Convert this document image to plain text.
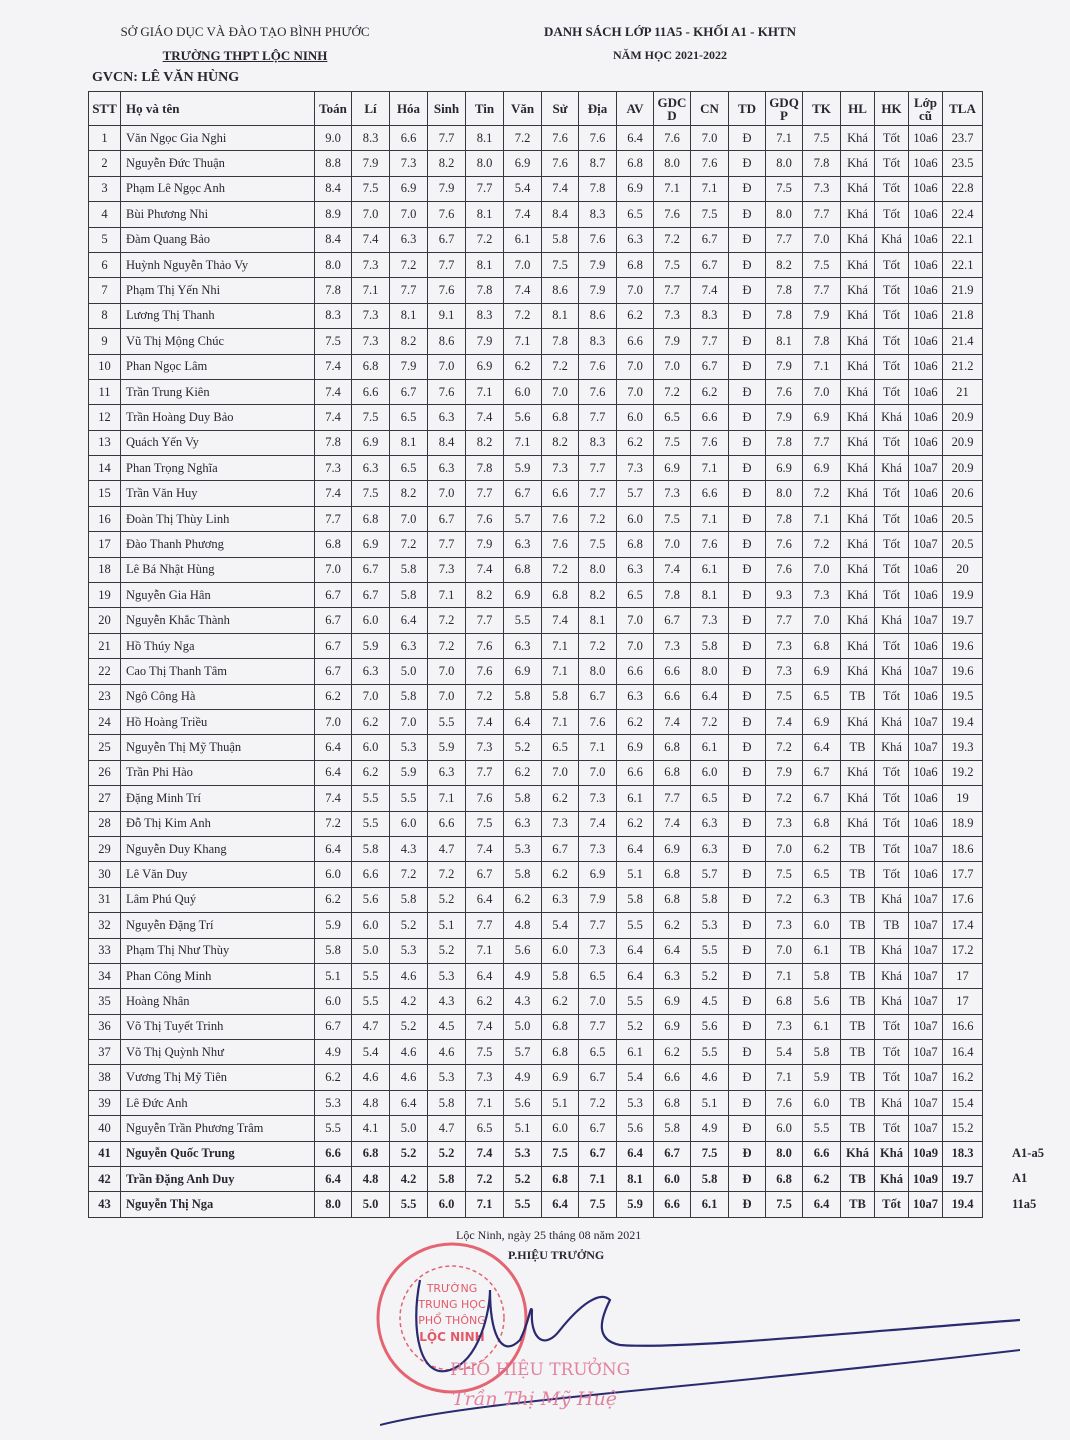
SỞ GIÁO DỤC VÀ ĐÀO TẠO BÌNH PHƯỚC
TRƯỜNG THPT LỘC NINH
DANH SÁCH LỚP 11A5 - KHỐI A1 - KHTN
NĂM HỌC 2021-2022
GVCN: LÊ VĂN HÙNG
STT	Họ và tên	Toán	Lí	Hóa	Sinh	Tin	Văn	Sử	Địa	AV	GDC D	CN	TD	GDQ P	TK	HL	HK	Lớp cũ	TLA
1	Văn Ngọc Gia Nghi	9.0	8.3	6.6	7.7	8.1	7.2	7.6	7.6	6.4	7.6	7.0	Đ	7.1	7.5	Khá	Tốt	10a6	23.7
2	Nguyễn Đức Thuận	8.8	7.9	7.3	8.2	8.0	6.9	7.6	8.7	6.8	8.0	7.6	Đ	8.0	7.8	Khá	Tốt	10a6	23.5
3	Phạm Lê Ngọc Anh	8.4	7.5	6.9	7.9	7.7	5.4	7.4	7.8	6.9	7.1	7.1	Đ	7.5	7.3	Khá	Tốt	10a6	22.8
4	Bùi Phương Nhi	8.9	7.0	7.0	7.6	8.1	7.4	8.4	8.3	6.5	7.6	7.5	Đ	8.0	7.7	Khá	Tốt	10a6	22.4
5	Đàm Quang Bảo	8.4	7.4	6.3	6.7	7.2	6.1	5.8	7.6	6.3	7.2	6.7	Đ	7.7	7.0	Khá	Khá	10a6	22.1
6	Huỳnh Nguyễn Thảo Vy	8.0	7.3	7.2	7.7	8.1	7.0	7.5	7.9	6.8	7.5	6.7	Đ	8.2	7.5	Khá	Tốt	10a6	22.1
7	Phạm Thị Yến Nhi	7.8	7.1	7.7	7.6	7.8	7.4	8.6	7.9	7.0	7.7	7.4	Đ	7.8	7.7	Khá	Tốt	10a6	21.9
8	Lương Thị Thanh	8.3	7.3	8.1	9.1	8.3	7.2	8.1	8.6	6.2	7.3	8.3	Đ	7.8	7.9	Khá	Tốt	10a6	21.8
9	Vũ Thị Mộng Chúc	7.5	7.3	8.2	8.6	7.9	7.1	7.8	8.3	6.6	7.9	7.7	Đ	8.1	7.8	Khá	Tốt	10a6	21.4
10	Phan Ngọc Lâm	7.4	6.8	7.9	7.0	6.9	6.2	7.2	7.6	7.0	7.0	6.7	Đ	7.9	7.1	Khá	Tốt	10a6	21.2
11	Trần Trung Kiên	7.4	6.6	6.7	7.6	7.1	6.0	7.0	7.6	7.0	7.2	6.2	Đ	7.6	7.0	Khá	Tốt	10a6	21
12	Trần Hoàng Duy Bảo	7.4	7.5	6.5	6.3	7.4	5.6	6.8	7.7	6.0	6.5	6.6	Đ	7.9	6.9	Khá	Khá	10a6	20.9
13	Quách Yến Vy	7.8	6.9	8.1	8.4	8.2	7.1	8.2	8.3	6.2	7.5	7.6	Đ	7.8	7.7	Khá	Tốt	10a6	20.9
14	Phan Trọng Nghĩa	7.3	6.3	6.5	6.3	7.8	5.9	7.3	7.7	7.3	6.9	7.1	Đ	6.9	6.9	Khá	Khá	10a7	20.9
15	Trần Văn Huy	7.4	7.5	8.2	7.0	7.7	6.7	6.6	7.7	5.7	7.3	6.6	Đ	8.0	7.2	Khá	Tốt	10a6	20.6
16	Đoàn Thị Thùy Linh	7.7	6.8	7.0	6.7	7.6	5.7	7.6	7.2	6.0	7.5	7.1	Đ	7.8	7.1	Khá	Tốt	10a6	20.5
17	Đào Thanh Phương	6.8	6.9	7.2	7.7	7.9	6.3	7.6	7.5	6.8	7.0	7.6	Đ	7.6	7.2	Khá	Tốt	10a7	20.5
18	Lê Bá Nhật Hùng	7.0	6.7	5.8	7.3	7.4	6.8	7.2	8.0	6.3	7.4	6.1	Đ	7.6	7.0	Khá	Tốt	10a6	20
19	Nguyễn Gia Hân	6.7	6.7	5.8	7.1	8.2	6.9	6.8	8.2	6.5	7.8	8.1	Đ	9.3	7.3	Khá	Tốt	10a6	19.9
20	Nguyễn Khắc Thành	6.7	6.0	6.4	7.2	7.7	5.5	7.4	8.1	7.0	6.7	7.3	Đ	7.7	7.0	Khá	Khá	10a7	19.7
21	Hồ Thúy Nga	6.7	5.9	6.3	7.2	7.6	6.3	7.1	7.2	7.0	7.3	5.8	Đ	7.3	6.8	Khá	Tốt	10a6	19.6
22	Cao Thị Thanh Tâm	6.7	6.3	5.0	7.0	7.6	6.9	7.1	8.0	6.6	6.6	8.0	Đ	7.3	6.9	Khá	Khá	10a7	19.6
23	Ngô Công Hà	6.2	7.0	5.8	7.0	7.2	5.8	5.8	6.7	6.3	6.6	6.4	Đ	7.5	6.5	TB	Tốt	10a6	19.5
24	Hồ Hoàng Triều	7.0	6.2	7.0	5.5	7.4	6.4	7.1	7.6	6.2	7.4	7.2	Đ	7.4	6.9	Khá	Khá	10a7	19.4
25	Nguyễn Thị Mỹ Thuận	6.4	6.0	5.3	5.9	7.3	5.2	6.5	7.1	6.9	6.8	6.1	Đ	7.2	6.4	TB	Khá	10a7	19.3
26	Trần Phi Hào	6.4	6.2	5.9	6.3	7.7	6.2	7.0	7.0	6.6	6.8	6.0	Đ	7.9	6.7	Khá	Tốt	10a6	19.2
27	Đặng Minh Trí	7.4	5.5	5.5	7.1	7.6	5.8	6.2	7.3	6.1	7.7	6.5	Đ	7.2	6.7	Khá	Tốt	10a6	19
28	Đỗ Thị Kim Anh	7.2	5.5	6.0	6.6	7.5	6.3	7.3	7.4	6.2	7.4	6.3	Đ	7.3	6.8	Khá	Tốt	10a6	18.9
29	Nguyễn Duy Khang	6.4	5.8	4.3	4.7	7.4	5.3	6.7	7.3	6.4	6.9	6.3	Đ	7.0	6.2	TB	Tốt	10a7	18.6
30	Lê Văn Duy	6.0	6.6	7.2	7.2	6.7	5.8	6.2	6.9	5.1	6.8	5.7	Đ	7.5	6.5	TB	Tốt	10a6	17.7
31	Lâm Phú Quý	6.2	5.6	5.8	5.2	6.4	6.2	6.3	7.9	5.8	6.8	5.8	Đ	7.2	6.3	TB	Khá	10a7	17.6
32	Nguyễn Đặng Trí	5.9	6.0	5.2	5.1	7.7	4.8	5.4	7.7	5.5	6.2	5.3	Đ	7.3	6.0	TB	TB	10a7	17.4
33	Phạm Thị Như Thùy	5.8	5.0	5.3	5.2	7.1	5.6	6.0	7.3	6.4	6.4	5.5	Đ	7.0	6.1	TB	Khá	10a7	17.2
34	Phan Công Minh	5.1	5.5	4.6	5.3	6.4	4.9	5.8	6.5	6.4	6.3	5.2	Đ	7.1	5.8	TB	Khá	10a7	17
35	Hoàng Nhân	6.0	5.5	4.2	4.3	6.2	4.3	6.2	7.0	5.5	6.9	4.5	Đ	6.8	5.6	TB	Khá	10a7	17
36	Võ Thị Tuyết Trinh	6.7	4.7	5.2	4.5	7.4	5.0	6.8	7.7	5.2	6.9	5.6	Đ	7.3	6.1	TB	Tốt	10a7	16.6
37	Võ Thị Quỳnh Như	4.9	5.4	4.6	4.6	7.5	5.7	6.8	6.5	6.1	6.2	5.5	Đ	5.4	5.8	TB	Tốt	10a7	16.4
38	Vương Thị Mỹ Tiên	6.2	4.6	4.6	5.3	7.3	4.9	6.9	6.7	5.4	6.6	4.6	Đ	7.1	5.9	TB	Tốt	10a7	16.2
39	Lê Đức Anh	5.3	4.8	6.4	5.8	7.1	5.6	5.1	7.2	5.3	6.8	5.1	Đ	7.6	6.0	TB	Khá	10a7	15.4
40	Nguyễn Trần Phương Trâm	5.5	4.1	5.0	4.7	6.5	5.1	6.0	6.7	5.6	5.8	4.9	Đ	6.0	5.5	TB	Tốt	10a7	15.2
41	Nguyễn Quốc Trung	6.6	6.8	5.2	5.2	7.4	5.3	7.5	6.7	6.4	6.7	7.5	Đ	8.0	6.6	Khá	Khá	10a9	18.3
42	Trần Đặng Anh Duy	6.4	4.8	4.2	5.8	7.2	5.2	6.8	7.1	8.1	6.0	5.8	Đ	6.8	6.2	TB	Khá	10a9	19.7
43	Nguyễn Thị Nga	8.0	5.0	5.5	6.0	7.1	5.5	6.4	7.5	5.9	6.6	6.1	Đ	7.5	6.4	TB	Tốt	10a7	19.4
A1-a5
A1
11a5
Lộc Ninh, ngày 25 tháng 08 năm 2021
P.HIỆU TRƯỞNG
TRƯỜNG
TRUNG HỌC
PHỔ THÔNG
LỘC NINH
PHÓ HIỆU TRƯỞNG
Trần Thị Mỹ Huệ
